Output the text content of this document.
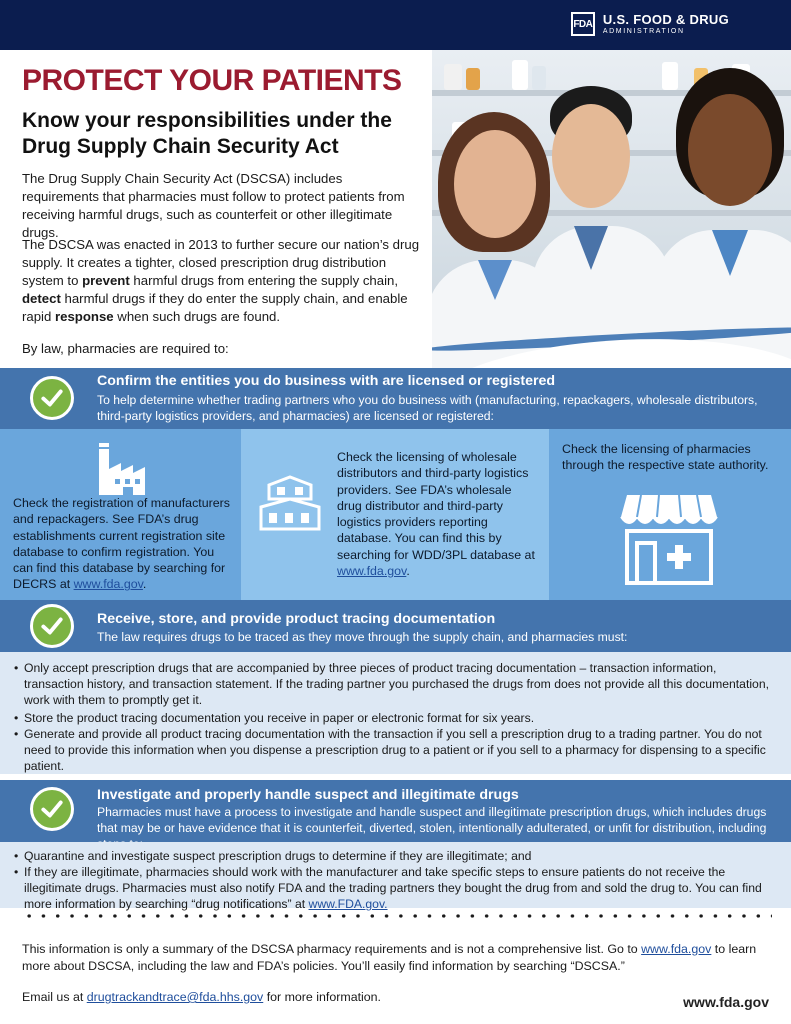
FDA U.S. FOOD & DRUG
ADMINISTRATION
PROTECT YOUR PATIENTS
Know your responsibilities under the Drug Supply Chain Security Act
The Drug Supply Chain Security Act (DSCSA) includes requirements that pharmacies must follow to protect patients from receiving harmful drugs, such as counterfeit or other illegitimate drugs.
The DSCSA was enacted in 2013 to further secure our nation’s drug supply. It creates a tighter, closed prescription drug distribution system to prevent harmful drugs from entering the supply chain, detect harmful drugs if they do enter the supply chain, and enable rapid response when such drugs are found.
By law, pharmacies are required to:
Confirm the entities you do business with are licensed or registered
To help determine whether trading partners who you do business with (manufacturing, repackagers, wholesale distributors, third-party logistics providers, and pharmacies) are licensed or registered:
Check the registration of manufacturers and repackagers. See FDA’s drug establishments current registration site database to confirm registration. You can find this database by searching for DECRS at www.fda.gov.
Check the licensing of wholesale distributors and third-party logistics providers. See FDA’s wholesale drug distributor and third-party logistics providers reporting database. You can find this by searching for WDD/3PL database at www.fda.gov.
Check the licensing of pharmacies through the respective state authority.
Receive, store, and provide product tracing documentation
The law requires drugs to be traced as they move through the supply chain, and pharmacies must:
• Only accept prescription drugs that are accompanied by three pieces of product tracing documentation – transaction information, transaction history, and transaction statement. If the trading partner you purchased the drugs from does not provide all this documentation, work with them to promptly get it.
• Store the product tracing documentation you receive in paper or electronic format for six years.
• Generate and provide all product tracing documentation with the transaction if you sell a prescription drug to a trading partner. You do not need to provide this information when you dispense a prescription drug to a patient or if you sell to a pharmacy for dispensing to a specific patient.
Investigate and properly handle suspect and illegitimate drugs
Pharmacies must have a process to investigate and handle suspect and illegitimate prescription drugs, which includes drugs that may be or have evidence that it is counterfeit, diverted, stolen, intentionally adulterated, or unfit for distribution, including
• Quarantine and investigate suspect prescription drugs to determine if they are illegitimate; and
• If they are illegitimate, pharmacies should work with the manufacturer and take specific steps to ensure patients do not receive the illegitimate drugs. Pharmacies must also notify FDA and the trading partners they bought the drug from and sold the drug to. You can find more information by searching “drug notifications” at www.FDA.gov.
This information is only a summary of the DSCSA pharmacy requirements and is not a comprehensive list. Go to www.fda.gov to learn more about DSCSA, including the law and FDA’s policies. You’ll easily find information by searching “DSCSA.”
Email us at drugtrackandtrace@fda.hhs.gov for more information.	www.fda.gov
